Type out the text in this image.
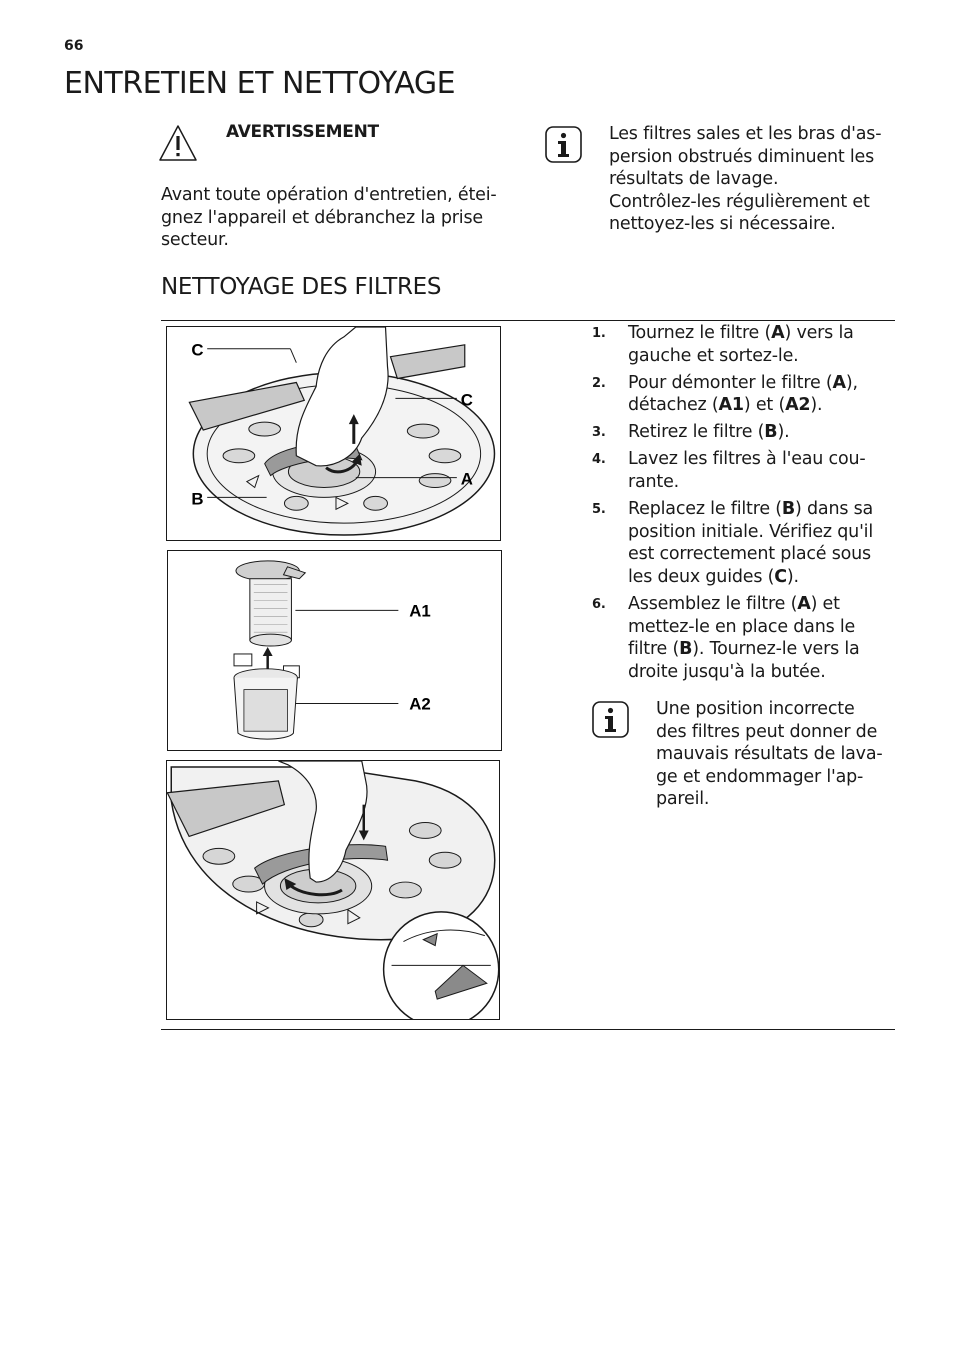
66
ENTRETIEN ET NETTOYAGE
AVERTISSEMENT
Avant toute opération d'entretien, étei-
gnez l'appareil et débranchez la prise
secteur.
Les filtres sales et les bras d'as-
persion obstrués diminuent les
résultats de lavage.
Contrôlez-les régulièrement et
nettoyez-les si nécessaire.
NETTOYAGE DES FILTRES
C
C
A
B
A1
A2
1. Tournez le filtre (A) vers la
gauche et sortez-le.
2. Pour démonter le filtre (A),
détachez (A1) et (A2).
3. Retirez le filtre (B).
4. Lavez les filtres à l'eau cou-
rante.
5. Replacez le filtre (B) dans sa
position initiale. Vérifiez qu'il
est correctement placé sous
les deux guides (C).
6. Assemblez le filtre (A) et
mettez-le en place dans le
filtre (B). Tournez-le vers la
droite jusqu'à la butée.
Une position incorrecte
des filtres peut donner de
mauvais résultats de lava-
ge et endommager l'ap-
pareil.
